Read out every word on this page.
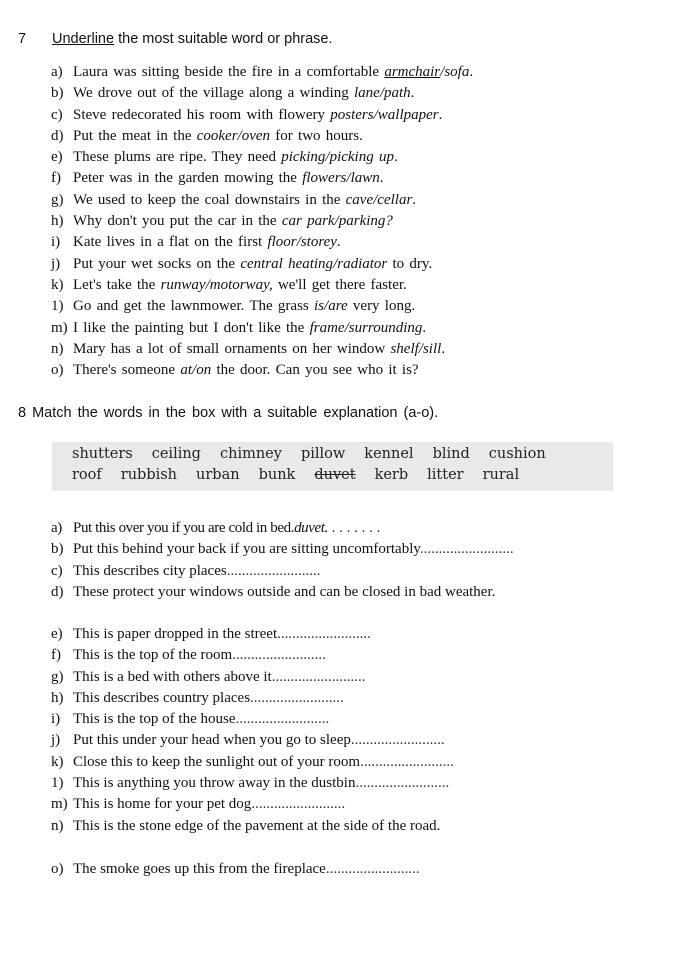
7 Underline the most suitable word or phrase.
a) Laura was sitting beside the fire in a comfortable armchair/sofa.
b) We drove out of the village along a winding lane/path.
c) Steve redecorated his room with flowery posters/wallpaper.
d) Put the meat in the cooker/oven for two hours.
e) These plums are ripe. They need picking/picking up.
f) Peter was in the garden mowing the flowers/lawn.
g) We used to keep the coal downstairs in the cave/cellar.
h) Why don't you put the car in the car park/parking?
i) Kate lives in a flat on the first floor/storey.
j) Put your wet socks on the central heating/radiator to dry.
k) Let's take the runway/motorway, we'll get there faster.
1) Go and get the lawnmower. The grass is/are very long.
m) I like the painting but I don't like the frame/surrounding.
n) Mary has a lot of small ornaments on her window shelf/sill.
o) There's someone at/on the door. Can you see who it is?
8 Match the words in the box with a suitable explanation (a-o).
shutters ceiling chimney pillow kennel blind cushion
roof rubbish urban bunk duvet kerb litter rural
a) Put this over you if you are cold in bed.duvet. . . . . . . .
b) Put this behind your back if you are sitting uncomfortably.........................
c) This describes city places.........................
d) These protect your windows outside and can be closed in bad weather.
e) This is paper dropped in the street.........................
f) This is the top of the room.........................
g) This is a bed with others above it.........................
h) This describes country places.........................
i) This is the top of the house.........................
j) Put this under your head when you go to sleep.........................
k) Close this to keep the sunlight out of your room.........................
1) This is anything you throw away in the dustbin.........................
m) This is home for your pet dog.........................
n) This is the stone edge of the pavement at the side of the road.
o) The smoke goes up this from the fireplace.........................
